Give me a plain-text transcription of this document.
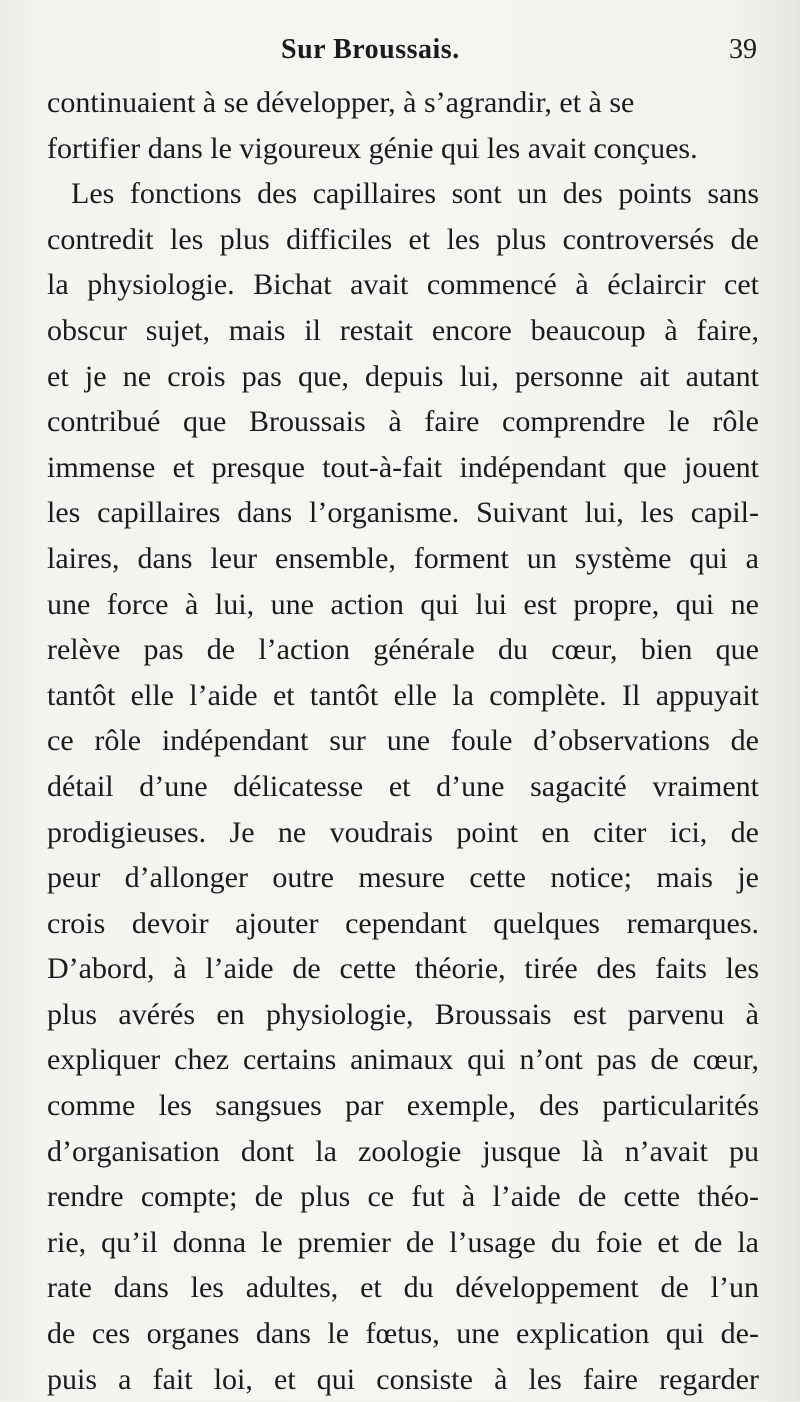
Sur Broussais.	39
continuaient à se développer, à s’agrandir, et à se
fortifier dans le vigoureux génie qui les avait conçues.
Les fonctions des capillaires sont un des points sans
contredit les plus difficiles et les plus controversés de
la physiologie. Bichat avait commencé à éclaircir cet
obscur sujet, mais il restait encore beaucoup à faire,
et je ne crois pas que, depuis lui, personne ait autant
contribué que Broussais à faire comprendre le rôle
immense et presque tout-à-fait indépendant que jouent
les capillaires dans l’organisme. Suivant lui, les capil-
laires, dans leur ensemble, forment un système qui a
une force à lui, une action qui lui est propre, qui ne
relève pas de l’action générale du cœur, bien que
tantôt elle l’aide et tantôt elle la complète. Il appuyait
ce rôle indépendant sur une foule d’observations de
détail d’une délicatesse et d’une sagacité vraiment
prodigieuses. Je ne voudrais point en citer ici, de
peur d’allonger outre mesure cette notice; mais je
crois devoir ajouter cependant quelques remarques.
D’abord, à l’aide de cette théorie, tirée des faits les
plus avérés en physiologie, Broussais est parvenu à
expliquer chez certains animaux qui n’ont pas de cœur,
comme les sangsues par exemple, des particularités
d’organisation dont la zoologie jusque là n’avait pu
rendre compte; de plus ce fut à l’aide de cette théo-
rie, qu’il donna le premier de l’usage du foie et de la
rate dans les adultes, et du développement de l’un
de ces organes dans le fœtus, une explication qui de-
puis a fait loi, et qui consiste à les faire regarder
